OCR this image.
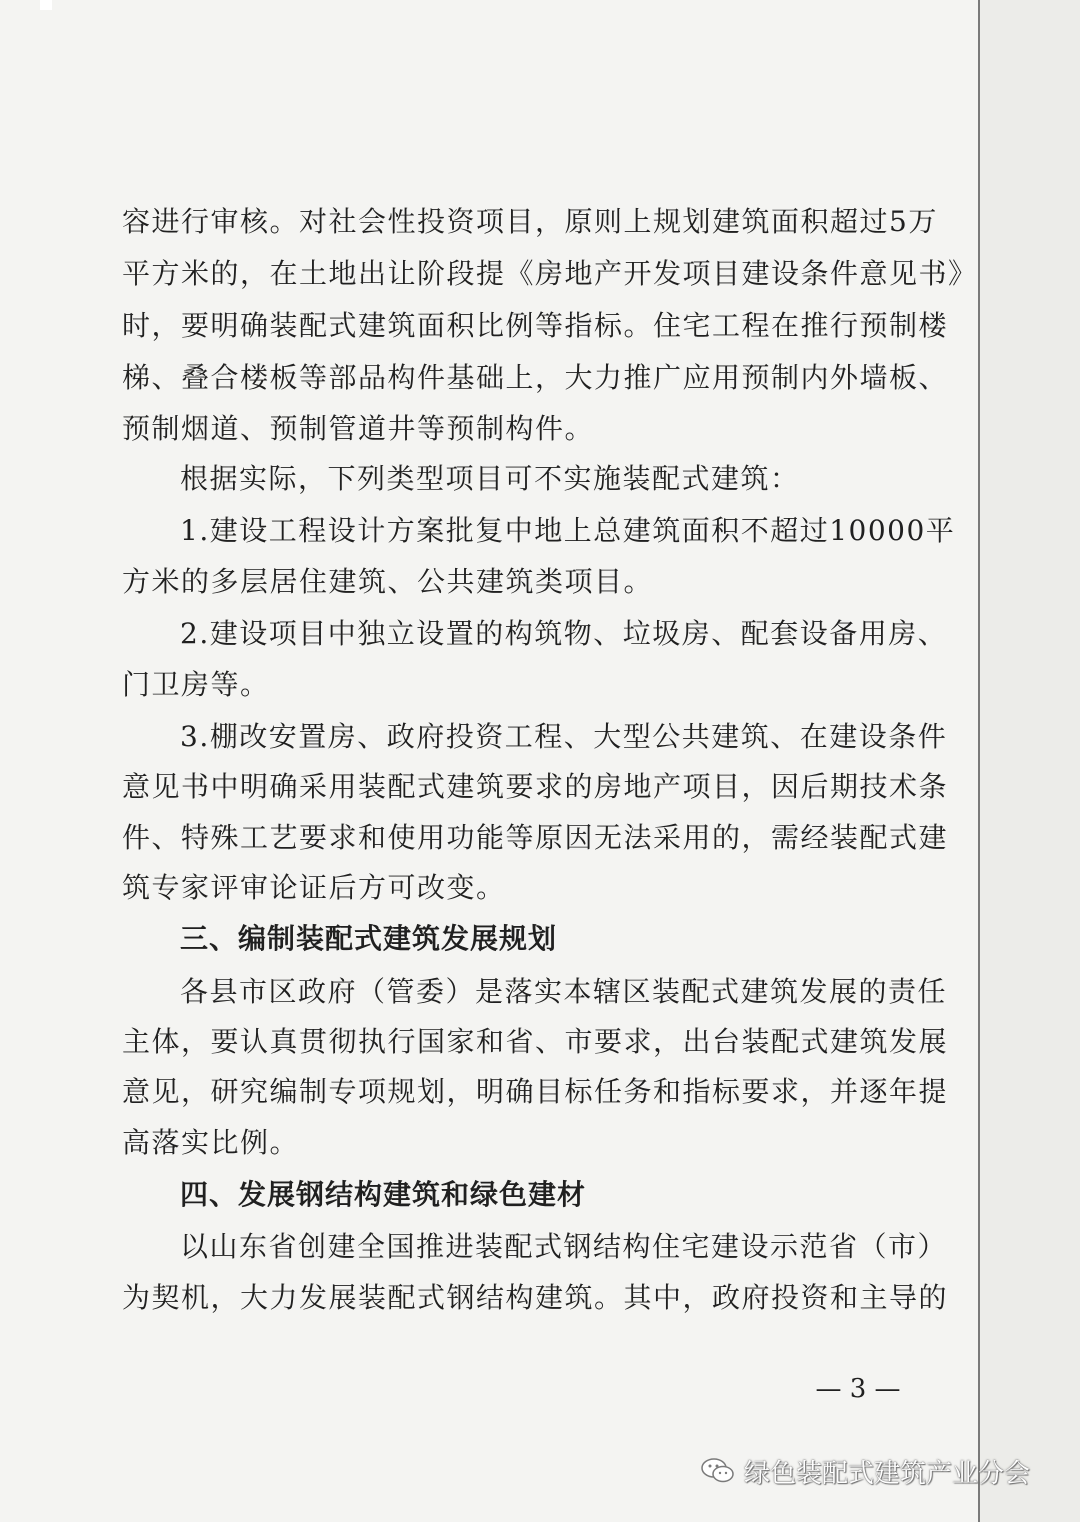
容进行审核。对社会性投资项目，原则上规划建筑面积超过5万
平方米的，在土地出让阶段提《房地产开发项目建设条件意见书》
时，要明确装配式建筑面积比例等指标。住宅工程在推行预制楼
梯、叠合楼板等部品构件基础上，大力推广应用预制内外墙板、
预制烟道、预制管道井等预制构件。
根据实际，下列类型项目可不实施装配式建筑：
1.建设工程设计方案批复中地上总建筑面积不超过10000平
方米的多层居住建筑、公共建筑类项目。
2.建设项目中独立设置的构筑物、垃圾房、配套设备用房、
门卫房等。
3.棚改安置房、政府投资工程、大型公共建筑、在建设条件
意见书中明确采用装配式建筑要求的房地产项目，因后期技术条
件、特殊工艺要求和使用功能等原因无法采用的，需经装配式建
筑专家评审论证后方可改变。
三、编制装配式建筑发展规划
各县市区政府（管委）是落实本辖区装配式建筑发展的责任
主体，要认真贯彻执行国家和省、市要求，出台装配式建筑发展
意见，研究编制专项规划，明确目标任务和指标要求，并逐年提
高落实比例。
四、发展钢结构建筑和绿色建材
以山东省创建全国推进装配式钢结构住宅建设示范省（市）
为契机，大力发展装配式钢结构建筑。其中，政府投资和主导的
— 3 —
绿色装配式建筑产业分会
